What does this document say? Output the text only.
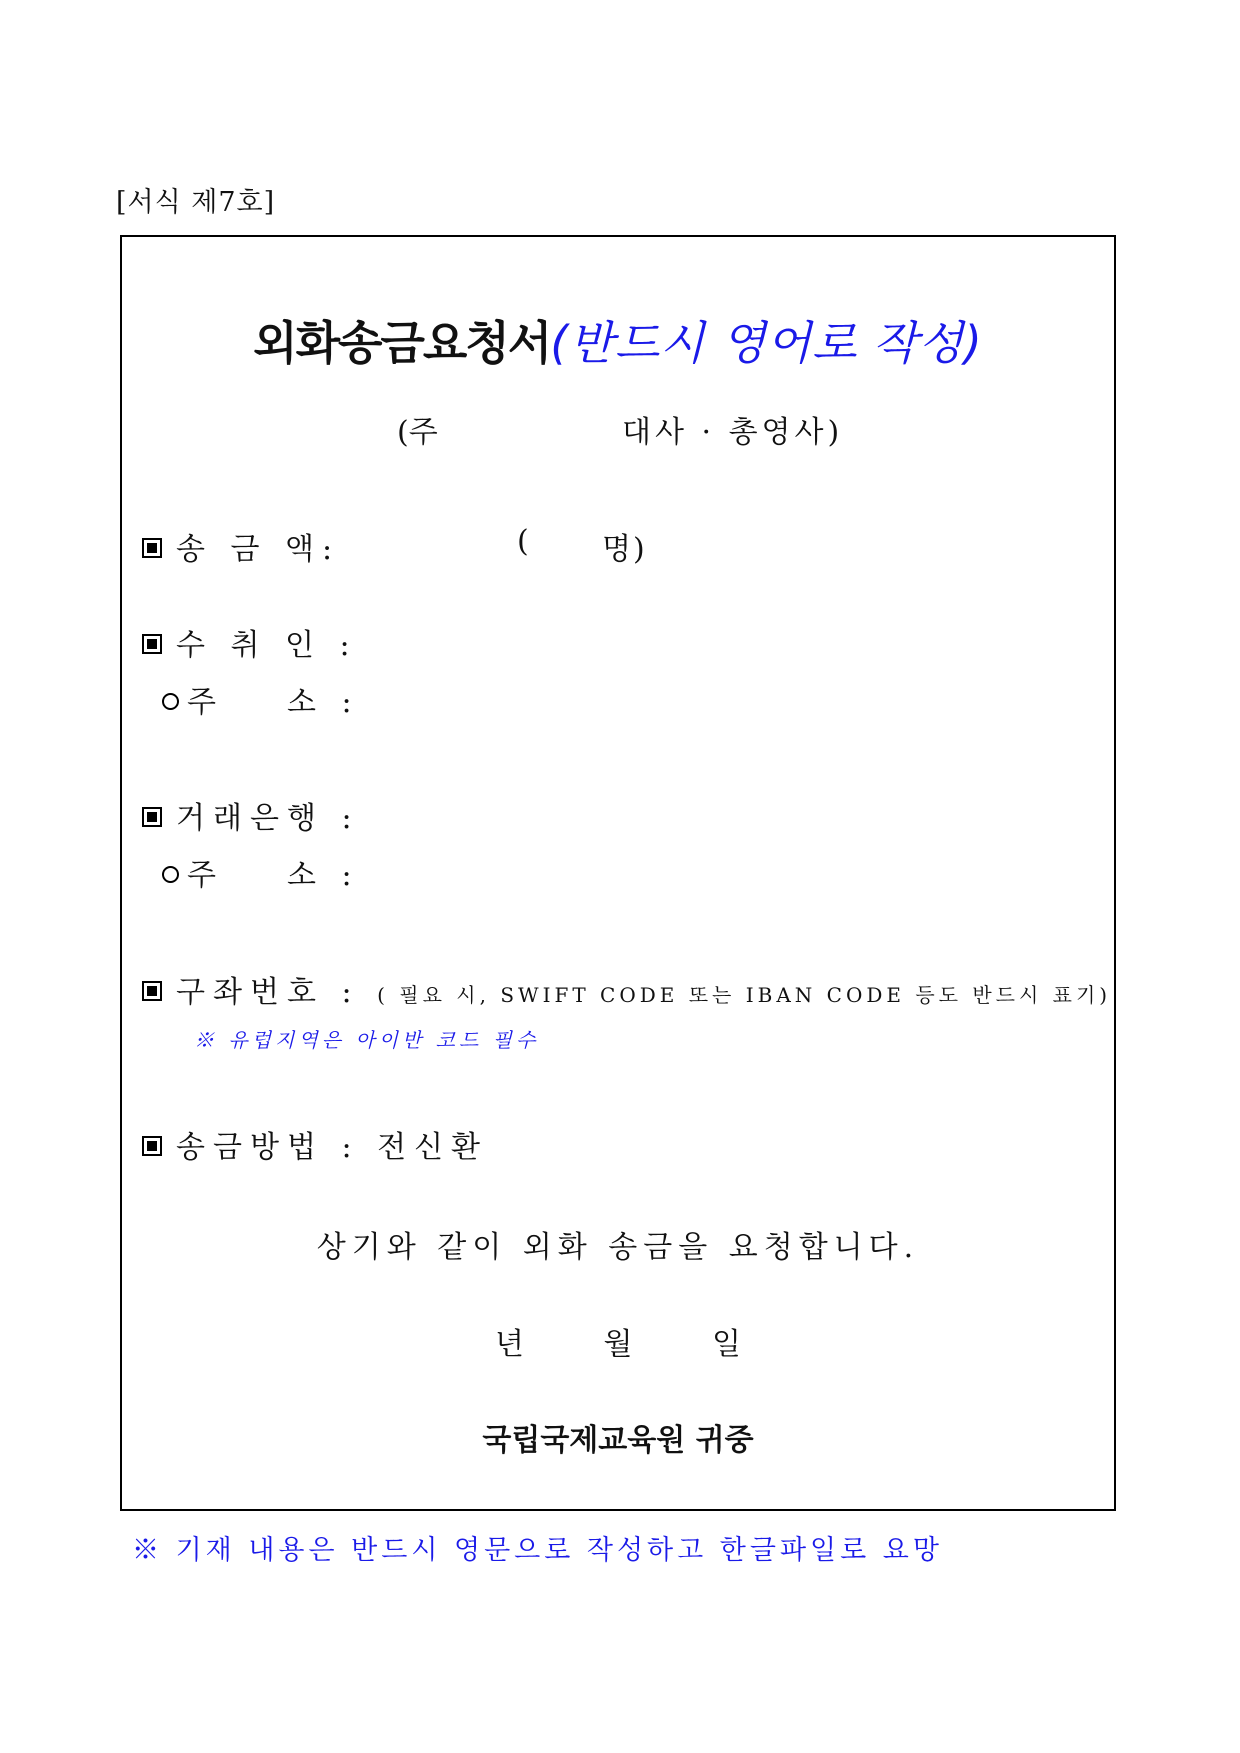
[서식 제7호]
외화송금요청서(반드시 영어로 작성)
(주	대사 · 총영사)
송 금 액:	( 명)
수 취 인 :
주 소 :
거래은행 :
주 소 :
구좌번호 : ( 필요 시, SWIFT CODE 또는 IBAN CODE 등도 반드시 표기)
※ 유럽지역은 아이반 코드 필수
송금방법 : 전신환
상기와 같이 외화 송금을 요청합니다.
년	월	일
국립국제교육원 귀중
※ 기재 내용은 반드시 영문으로 작성하고 한글파일로 요망
